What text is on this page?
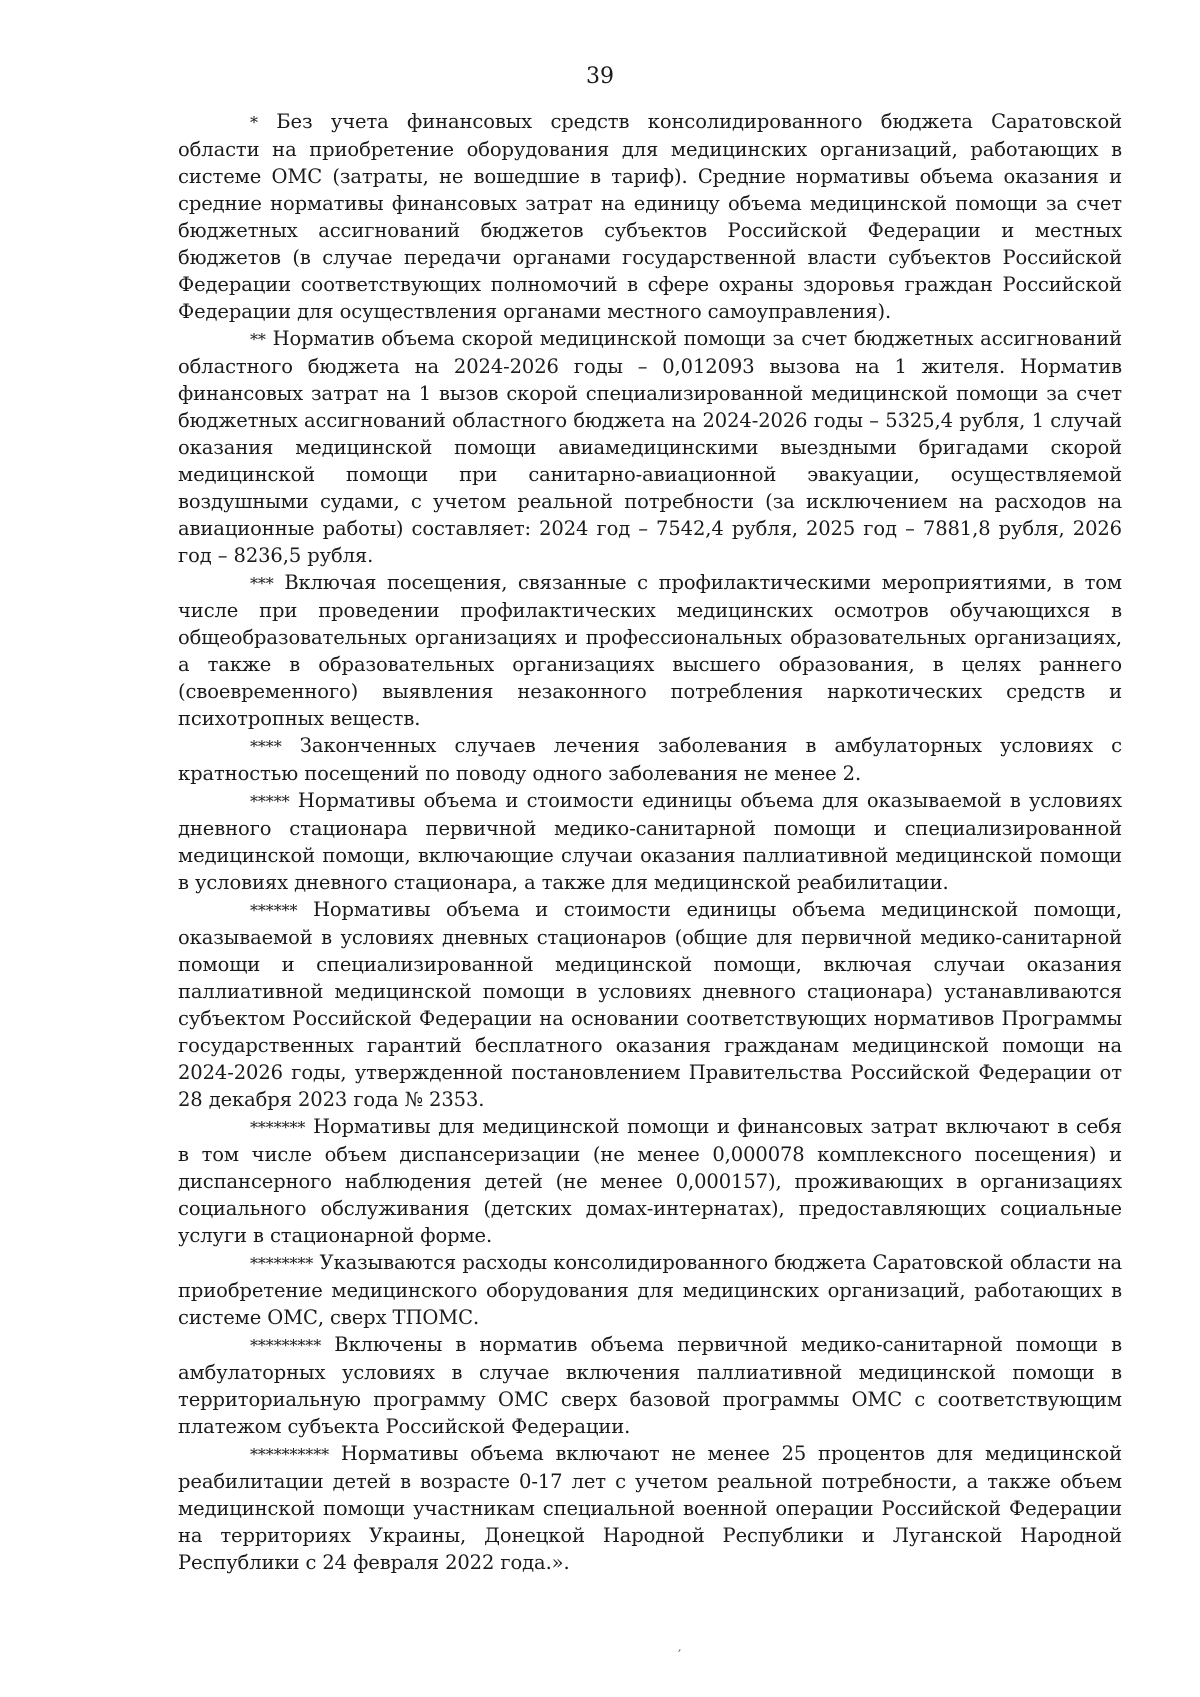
39

* Без учета финансовых средств консолидированного бюджета Саратовской области на приобретение оборудования для медицинских организаций, работающих в системе ОМС (затраты, не вошедшие в тариф). Средние нормативы объема оказания и средние нормативы финансовых затрат на единицу объема медицинской помощи за счет бюджетных ассигнований бюджетов субъектов Российской Федерации и местных бюджетов (в случае передачи органами государственной власти субъектов Российской Федерации соответствующих полномочий в сфере охраны здоровья граждан Российской Федерации для осуществления органами местного самоуправления).

** Норматив объема скорой медицинской помощи за счет бюджетных ассигнований областного бюджета на 2024-2026 годы – 0,012093 вызова на 1 жителя. Норматив финансовых затрат на 1 вызов скорой специализированной медицинской помощи за счет бюджетных ассигнований областного бюджета на 2024-2026 годы – 5325,4 рубля, 1 случай оказания медицинской помощи авиамедицинскими выездными бригадами скорой медицинской помощи при санитарно-авиационной эвакуации, осуществляемой воздушными судами, с учетом реальной потребности (за исключением на расходов на авиационные работы) составляет: 2024 год – 7542,4 рубля, 2025 год – 7881,8 рубля, 2026 год – 8236,5 рубля.

*** Включая посещения, связанные с профилактическими мероприятиями, в том числе при проведении профилактических медицинских осмотров обучающихся в общеобразовательных организациях и профессиональных образовательных организациях, а также в образовательных организациях высшего образования, в целях раннего (своевременного) выявления незаконного потребления наркотических средств и психотропных веществ.

**** Законченных случаев лечения заболевания в амбулаторных условиях с кратностью посещений по поводу одного заболевания не менее 2.

***** Нормативы объема и стоимости единицы объема для оказываемой в условиях дневного стационара первичной медико-санитарной помощи и специализированной медицинской помощи, включающие случаи оказания паллиативной медицинской помощи в условиях дневного стационара, а также для медицинской реабилитации.

****** Нормативы объема и стоимости единицы объема медицинской помощи, оказываемой в условиях дневных стационаров (общие для первичной медико-санитарной помощи и специализированной медицинской помощи, включая случаи оказания паллиативной медицинской помощи в условиях дневного стационара) устанавливаются субъектом Российской Федерации на основании соответствующих нормативов Программы государственных гарантий бесплатного оказания гражданам медицинской помощи на 2024-2026 годы, утвержденной постановлением Правительства Российской Федерации от 28 декабря 2023 года № 2353.

******* Нормативы для медицинской помощи и финансовых затрат включают в себя в том числе объем диспансеризации (не менее 0,000078 комплексного посещения) и диспансерного наблюдения детей (не менее 0,000157), проживающих в организациях социального обслуживания (детских домах-интернатах), предоставляющих социальные услуги в стационарной форме.

******** Указываются расходы консолидированного бюджета Саратовской области на приобретение медицинского оборудования для медицинских организаций, работающих в системе ОМС, сверх ТПОМС.

********* Включены в норматив объема первичной медико-санитарной помощи в амбулаторных условиях в случае включения паллиативной медицинской помощи в территориальную программу ОМС сверх базовой программы ОМС с соответствующим платежом субъекта Российской Федерации.

********** Нормативы объема включают не менее 25 процентов для медицинской реабилитации детей в возрасте 0-17 лет с учетом реальной потребности, а также объем медицинской помощи участникам специальной военной операции Российской Федерации на территориях Украины, Донецкой Народной Республики и Луганской Народной Республики с 24 февраля 2022 года.».

′
